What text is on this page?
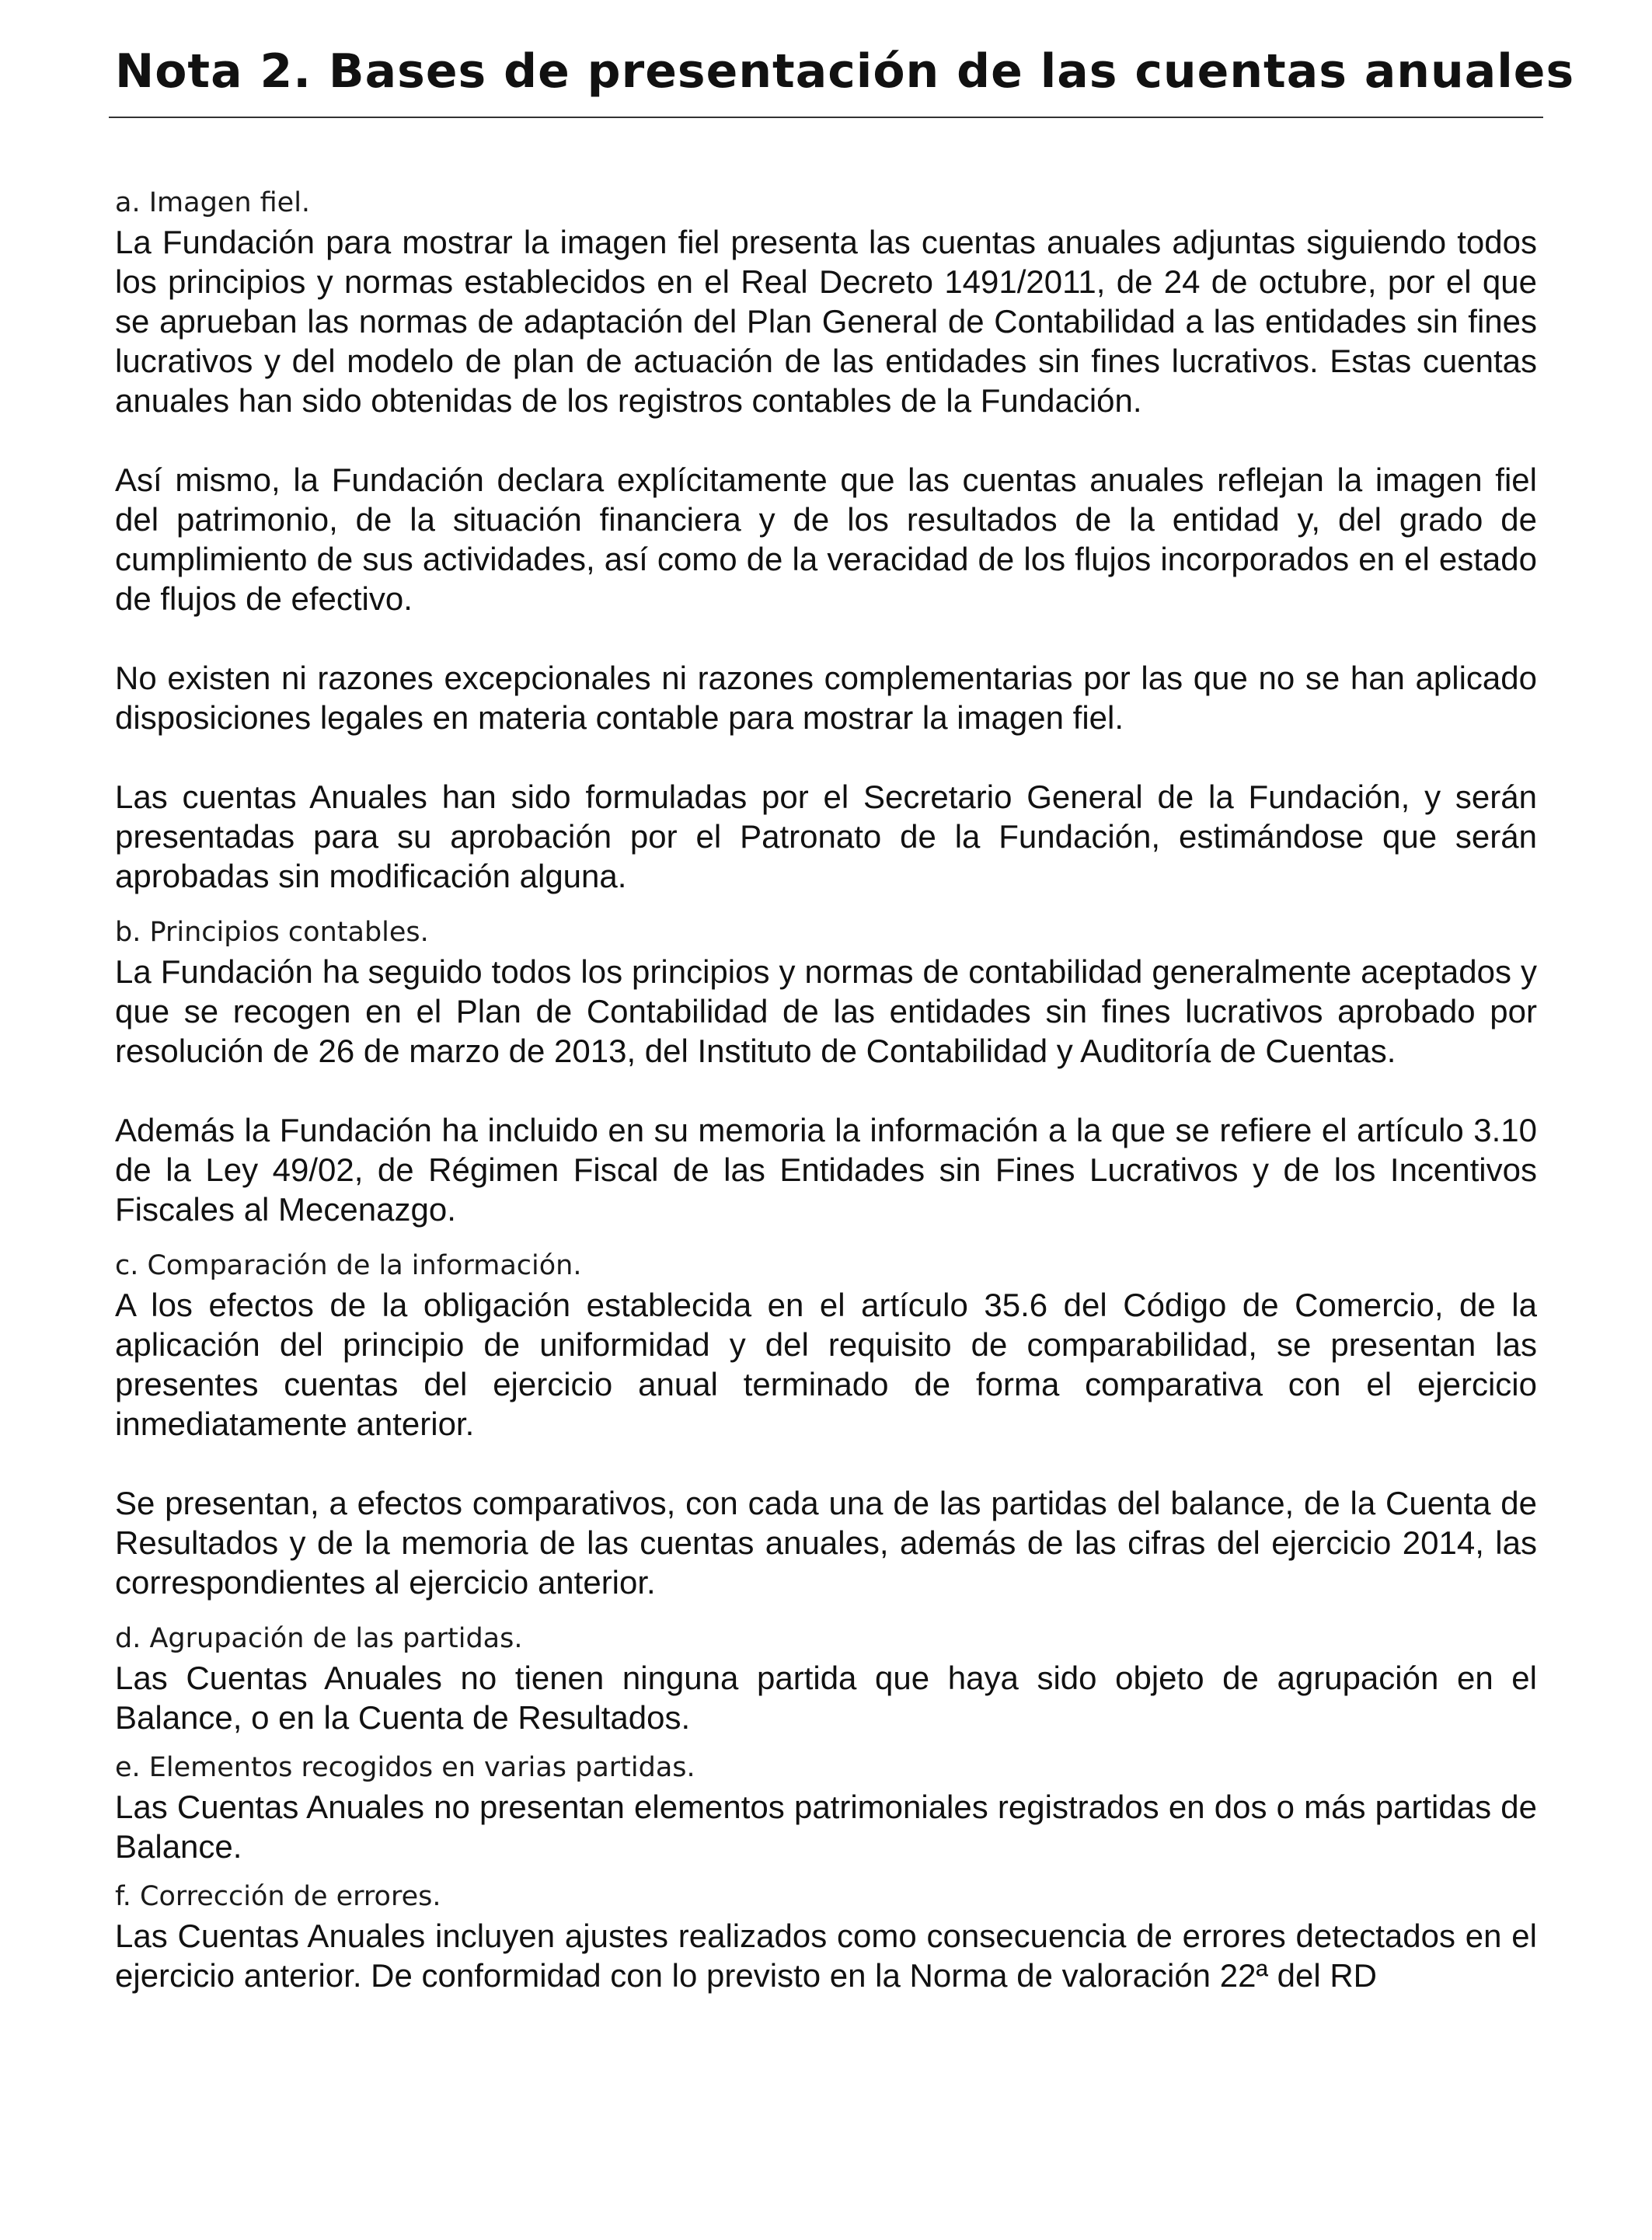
Nota 2. Bases de presentación de las cuentas anuales

a. Imagen fiel.

La Fundación para mostrar la imagen fiel presenta las cuentas anuales adjuntas siguiendo todos los principios y normas establecidos en el Real Decreto 1491/2011, de 24 de octubre, por el que se aprueban las normas de adaptación del Plan General de Contabilidad a las entidades sin fines lucrativos y del modelo de plan de actuación de las entidades sin fines lucrativos. Estas cuentas anuales han sido obtenidas de los registros contables de la Fundación.

Así mismo, la Fundación declara explícitamente que las cuentas anuales reflejan la imagen fiel del patrimonio, de la situación financiera y de los resultados de la entidad y, del grado de cumplimiento de sus actividades, así como de la veracidad de los flujos incorporados en el estado de flujos de efectivo.

No existen ni razones excepcionales ni razones complementarias por las que no se han aplicado disposiciones legales en materia contable para mostrar la imagen fiel.

Las cuentas Anuales han sido formuladas por el Secretario General de la Fundación, y serán presentadas para su aprobación por el Patronato de la Fundación, estimándose que serán aprobadas sin modificación alguna.

b. Principios contables.

La Fundación ha seguido todos los principios y normas de contabilidad generalmente aceptados y que se recogen en el Plan de Contabilidad de las entidades sin fines lucrativos aprobado por resolución de 26 de marzo de 2013, del Instituto de Contabilidad y Auditoría de Cuentas.

Además la Fundación ha incluido en su memoria la información a la que se refiere el artículo 3.10 de la Ley 49/02, de Régimen Fiscal de las Entidades sin Fines Lucrativos y de los Incentivos Fiscales al Mecenazgo.

c. Comparación de la información.

A los efectos de la obligación establecida en el artículo 35.6 del Código de Comercio, de la aplicación del principio de uniformidad y del requisito de comparabilidad, se presentan las presentes cuentas del ejercicio anual terminado de forma comparativa con el ejercicio inmediatamente anterior.

Se presentan, a efectos comparativos, con cada una de las partidas del balance, de la Cuenta de Resultados y de la memoria de las cuentas anuales, además de las cifras del ejercicio 2014, las correspondientes al ejercicio anterior.

d. Agrupación de las partidas.

Las Cuentas Anuales no tienen ninguna partida que haya sido objeto de agrupación en el Balance, o en la Cuenta de Resultados.

e. Elementos recogidos en varias partidas.

Las Cuentas Anuales no presentan elementos patrimoniales registrados en dos o más partidas de Balance.

f. Corrección de errores.

Las Cuentas Anuales incluyen ajustes realizados como consecuencia de errores detectados en el ejercicio anterior. De conformidad con lo previsto en la Norma de valoración 22ª del RD
